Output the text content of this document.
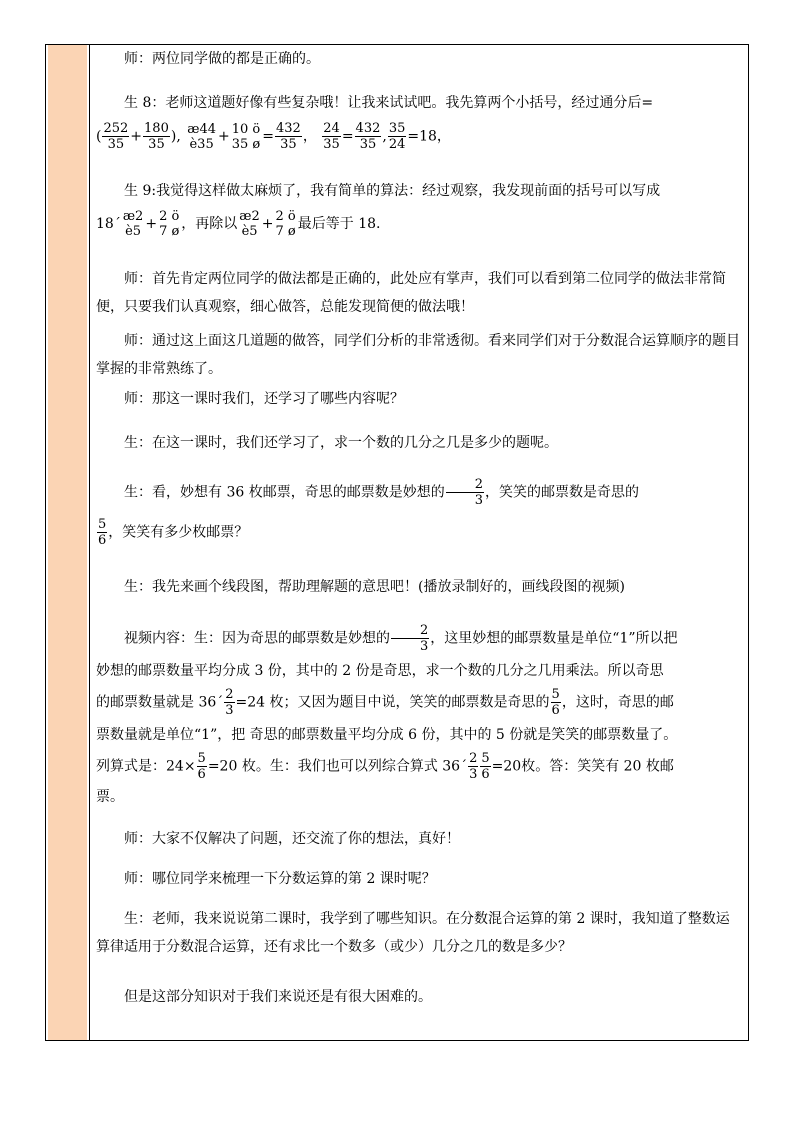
师：两位同学做的都是正确的。

生 8：老师这道题好像有些复杂哦！让我来试试吧。我先算两个小括号，经过通分后=
( $\frac{252}{35} + \frac{180}{35}$ ), æ44
è35 + 10 ö
35 ø = $\frac{432}{35}$ ， $\frac{24}{35} = \frac{432}{35}$ , $\frac{35}{24} =18$，
生 9:我觉得这样做太麻烦了，我有简单的算法：经过观察，我发现前面的括号可以写成
18´ æ2
è5 + 2 ö
7 ø ，再除以 æ2
è5 + 2 ö
7 ø 最后等于 18.

师：首先肯定两位同学的做法都是正确的，此处应有掌声，我们可以看到第二位同学的做法非常简便，只要我们认真观察，细心做答，总能发现简便的做法哦！

师：通过这上面这几道题的做答，同学们分析的非常透彻。看来同学们对于分数混合运算顺序的题目掌握的非常熟练了。

师：那这一课时我们，还学习了哪些内容呢？

生：在这一课时，我们还学习了，求一个数的几分之几是多少的题呢。

生：看，妙想有 36 枚邮票，奇思的邮票数是妙想的 $\frac{2}{3}$ ，笑笑的邮票数是奇思的
$\frac{5}{6}$ ，笑笑有多少枚邮票？

生：我先来画个线段图，帮助理解题的意思吧！(播放录制好的，画线段图的视频)

视频内容：生：因为奇思的邮票数是妙想的 $\frac{2}{3}$ ，这里妙想的邮票数量是单位“1”所以把
妙想的邮票数量平均分成 3 份，其中的 2 份是奇思，求一个数的几分之几用乘法。所以奇思
的邮票数量就是 36´ $\frac{2}{3} =24$ 枚；又因为题目中说，笑笑的邮票数是奇思的 $\frac{5}{6}$ ，这时，奇思的邮
票数量就是单位“1”，把 奇思的邮票数量平均分成 6 份，其中的 5 份就是笑笑的邮票数量了。
列算式是：$24\times \frac{5}{6} =20$ 枚。生：我们也可以列综合算式 36´ $\frac{2}{3} \frac{5}{6} =20$枚。答：笑笑有 20 枚邮
票。

师：大家不仅解决了问题，还交流了你的想法，真好！

师：哪位同学来梳理一下分数运算的第 2 课时呢？

生：老师，我来说说第二课时，我学到了哪些知识。在分数混合运算的第 2 课时，我知道了整数运算律适用于分数混合运算，还有求比一个数多（或少）几分之几的数是多少？

但是这部分知识对于我们来说还是有很大困难的。
